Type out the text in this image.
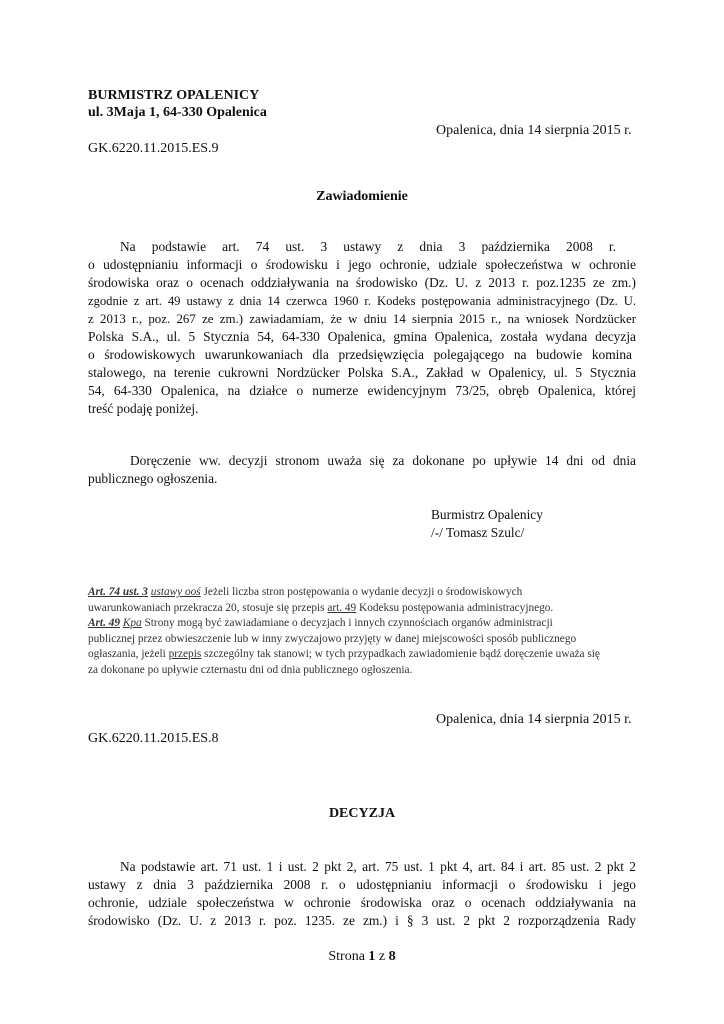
BURMISTRZ OPALENICY
ul. 3Maja 1, 64-330 Opalenica
Opalenica, dnia 14 sierpnia 2015 r.
GK.6220.11.2015.ES.9
Zawiadomienie
Na podstawie art. 74 ust. 3 ustawy z dnia 3 października 2008 r.
o udostępnianiu informacji o środowisku i jego ochronie, udziale społeczeństwa w ochronie
środowiska oraz o ocenach oddziaływania na środowisko (Dz. U. z 2013 r. poz.1235 ze zm.)
zgodnie z art. 49 ustawy z dnia 14 czerwca 1960 r. Kodeks postępowania administracyjnego (Dz. U.
z 2013 r., poz. 267 ze zm.) zawiadamiam, że w dniu 14 sierpnia 2015 r., na wniosek Nordzücker
Polska S.A., ul. 5 Stycznia 54, 64-330 Opalenica, gmina Opalenica, została wydana decyzja
o środowiskowych uwarunkowaniach dla przedsięwzięcia polegającego na budowie komina
stalowego, na terenie cukrowni Nordzücker Polska S.A., Zakład w Opalenicy, ul. 5 Stycznia
54, 64-330 Opalenica, na działce o numerze ewidencyjnym 73/25, obręb Opalenica, której
treść podaję poniżej.
Doręczenie ww. decyzji stronom uważa się za dokonane po upływie 14 dni od dnia
publicznego ogłoszenia.
Burmistrz Opalenicy
/-/ Tomasz Szulc/
Art. 74 ust. 3 ustawy ooś Jeżeli liczba stron postępowania o wydanie decyzji o środowiskowych
uwarunkowaniach przekracza 20, stosuje się przepis art. 49 Kodeksu postępowania administracyjnego.
Art. 49 Kpa Strony mogą być zawiadamiane o decyzjach i innych czynnościach organów administracji
publicznej przez obwieszczenie lub w inny zwyczajowo przyjęty w danej miejscowości sposób publicznego
ogłaszania, jeżeli przepis szczególny tak stanowi; w tych przypadkach zawiadomienie bądź doręczenie uważa się
za dokonane po upływie czternastu dni od dnia publicznego ogłoszenia.
Opalenica, dnia 14 sierpnia 2015 r.
GK.6220.11.2015.ES.8
DECYZJA
Na podstawie art. 71 ust. 1 i ust. 2 pkt 2, art. 75 ust. 1 pkt 4, art. 84 i art. 85 ust. 2 pkt 2
ustawy z dnia 3 października 2008 r. o udostępnianiu informacji o środowisku i jego
ochronie, udziale społeczeństwa w ochronie środowiska oraz o ocenach oddziaływania na
środowisko (Dz. U. z 2013 r. poz. 1235. ze zm.) i § 3 ust. 2 pkt 2 rozporządzenia Rady
Strona 1 z 8
